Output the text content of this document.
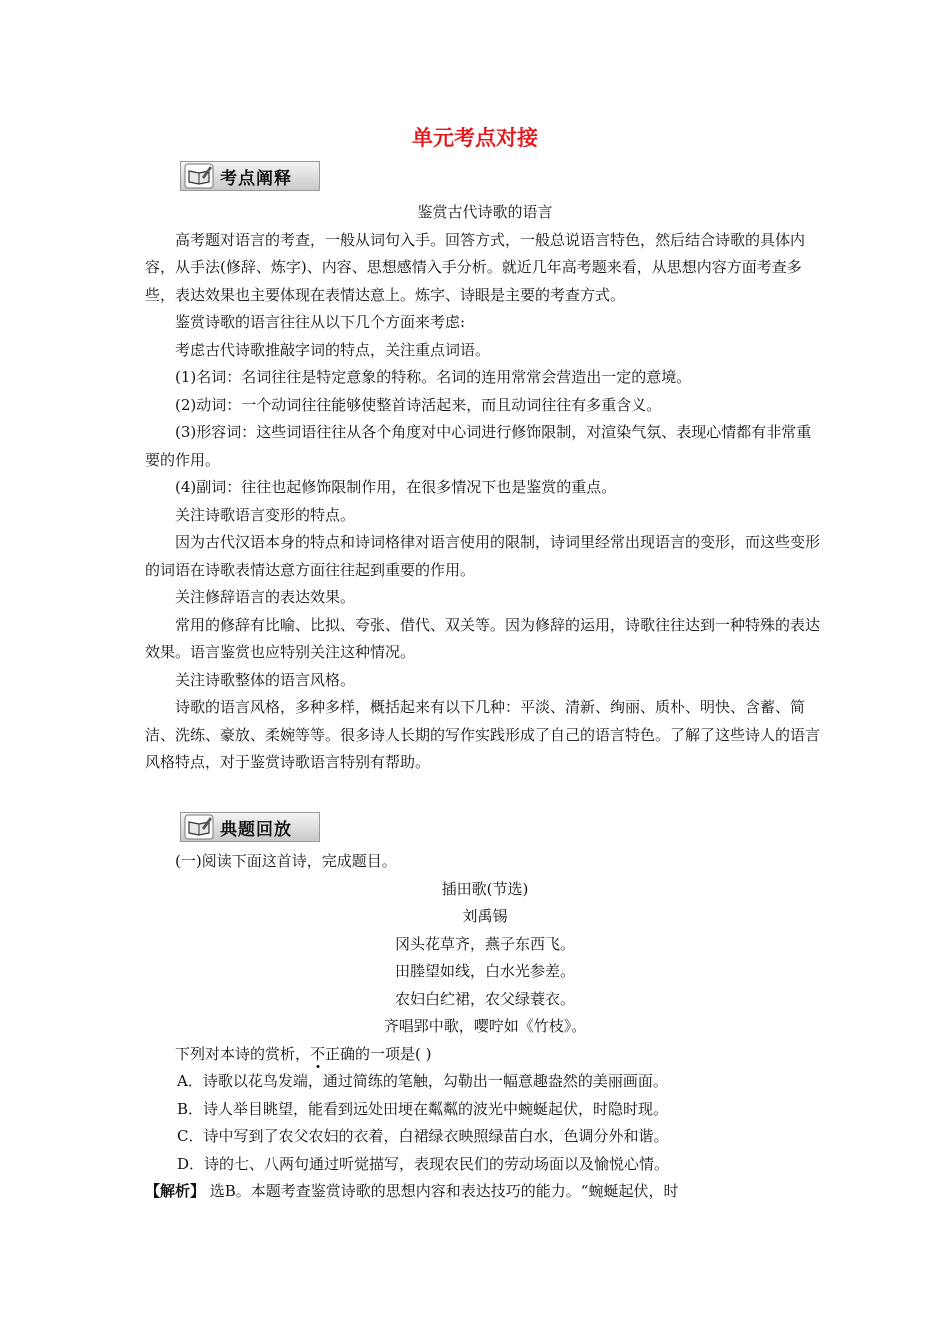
单元考点对接
考点阐释

鉴赏古代诗歌的语言

高考题对语言的考查，一般从词句入手。回答方式，一般总说语言特色，然后结合诗歌的具体内容，从手法(修辞、炼字)、内容、思想感情入手分析。就近几年高考题来看，从思想内容方面考查多些，表达效果也主要体现在表情达意上。炼字、诗眼是主要的考查方式。

鉴赏诗歌的语言往往从以下几个方面来考虑:

考虑古代诗歌推敲字词的特点，关注重点词语。

(1)名词：名词往往是特定意象的特称。名词的连用常常会营造出一定的意境。

(2)动词：一个动词往往能够使整首诗活起来，而且动词往往有多重含义。

(3)形容词：这些词语往往从各个角度对中心词进行修饰限制，对渲染气氛、表现心情都有非常重要的作用。

(4)副词：往往也起修饰限制作用，在很多情况下也是鉴赏的重点。

关注诗歌语言变形的特点。

因为古代汉语本身的特点和诗词格律对语言使用的限制，诗词里经常出现语言的变形，而这些变形的词语在诗歌表情达意方面往往起到重要的作用。

关注修辞语言的表达效果。

常用的修辞有比喻、比拟、夸张、借代、双关等。因为修辞的运用，诗歌往往达到一种特殊的表达效果。语言鉴赏也应特别关注这种情况。

关注诗歌整体的语言风格。

诗歌的语言风格，多种多样，概括起来有以下几种：平淡、清新、绚丽、质朴、明快、含蓄、简洁、洗练、豪放、柔婉等等。很多诗人长期的写作实践形成了自己的语言特色。了解了这些诗人的语言风格特点，对于鉴赏诗歌语言特别有帮助。

典题回放

(一)阅读下面这首诗，完成题目。

插田歌(节选)

刘禹锡

冈头花草齐，燕子东西飞。

田塍望如线，白水光参差。

农妇白纻裙，农父绿蓑衣。

齐唱郢中歌，嘤咛如《竹枝》。

下列对本诗的赏析，不正确的一项是( )

A．诗歌以花鸟发端，通过简练的笔触，勾勒出一幅意趣盎然的美丽画面。

B．诗人举目眺望，能看到远处田埂在粼粼的波光中蜿蜒起伏，时隐时现。

C．诗中写到了农父农妇的衣着，白裙绿衣映照绿苗白水，色调分外和谐。

D．诗的七、八两句通过听觉描写，表现农民们的劳动场面以及愉悦心情。

【解析】 选B。本题考查鉴赏诗歌的思想内容和表达技巧的能力。“蜿蜒起伏，时
